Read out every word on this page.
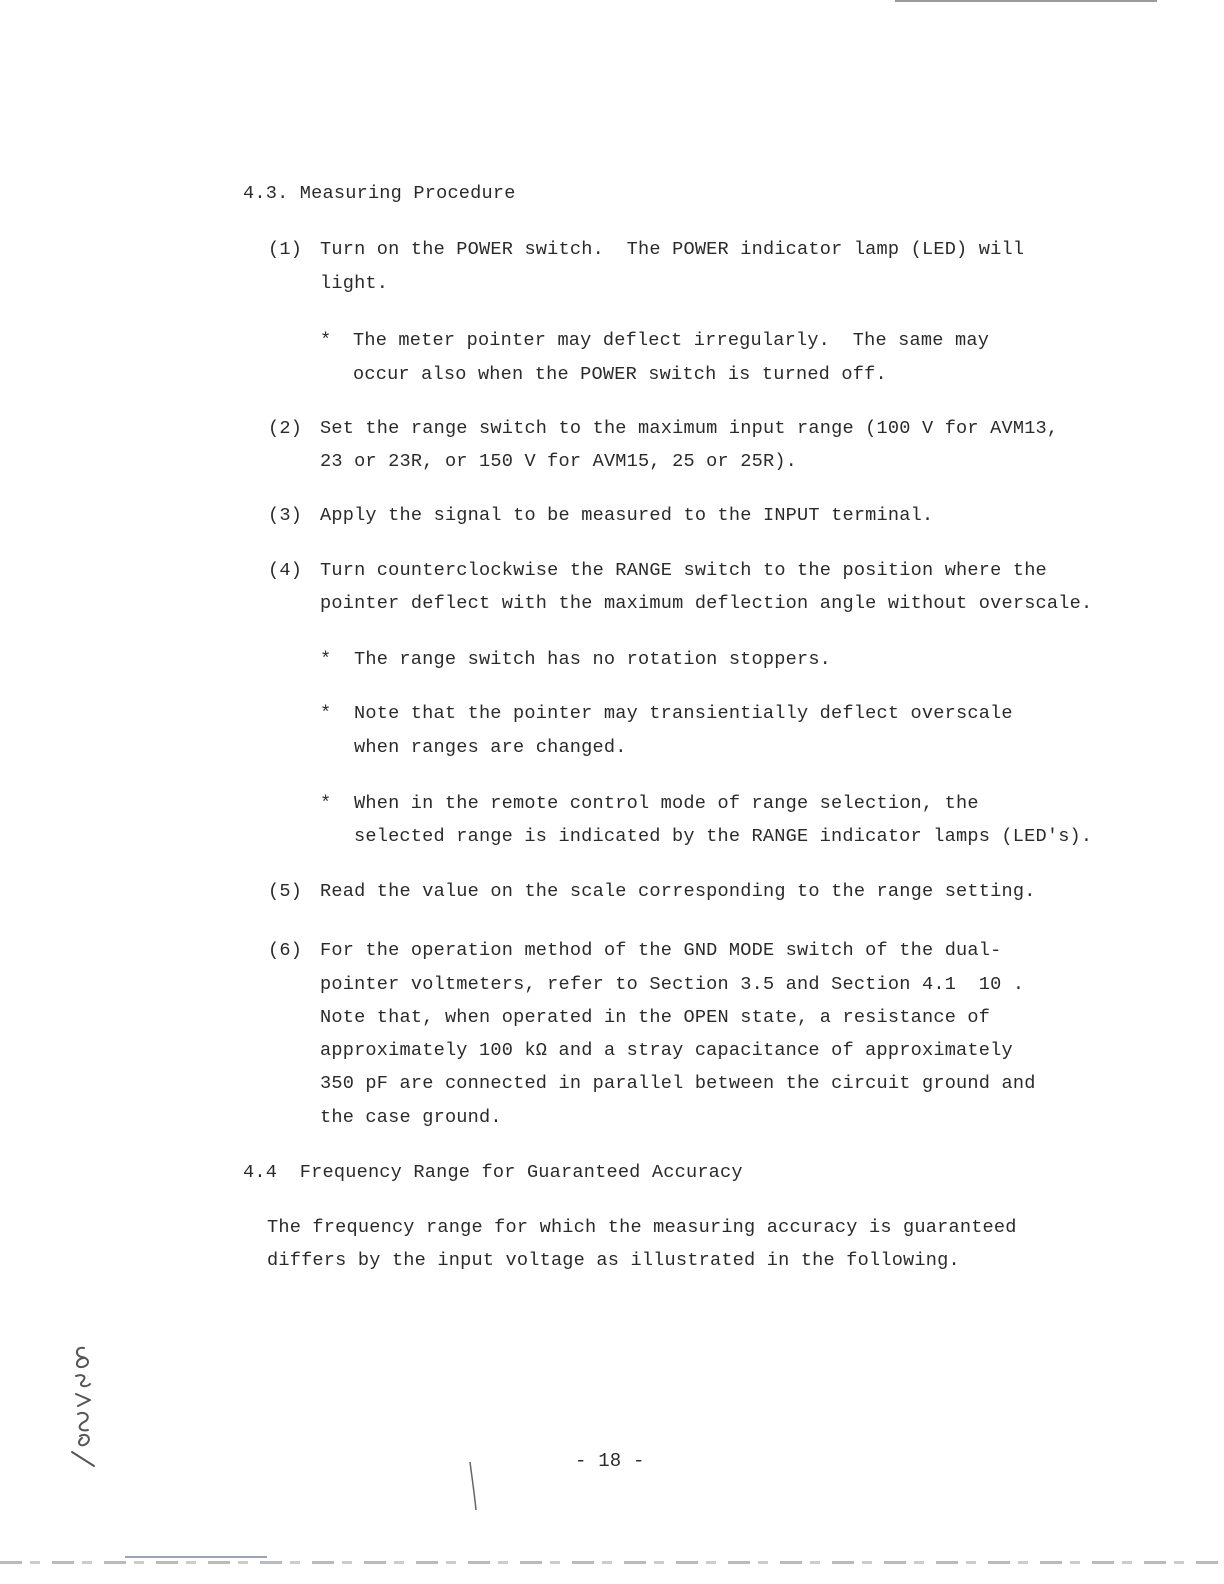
4.3. Measuring Procedure
(1) Turn on the POWER switch.  The POWER indicator lamp (LED) will
light.
* The meter pointer may deflect irregularly.  The same may
occur also when the POWER switch is turned off.
(2) Set the range switch to the maximum input range (100 V for AVM13,
23 or 23R, or 150 V for AVM15, 25 or 25R).
(3) Apply the signal to be measured to the INPUT terminal.
(4) Turn counterclockwise the RANGE switch to the position where the
pointer deflect with the maximum deflection angle without overscale.
* The range switch has no rotation stoppers.
* Note that the pointer may transientially deflect overscale
when ranges are changed.
* When in the remote control mode of range selection, the
selected range is indicated by the RANGE indicator lamps (LED's).
(5) Read the value on the scale corresponding to the range setting.
(6) For the operation method of the GND MODE switch of the dual-
pointer voltmeters, refer to Section 3.5 and Section 4.1  10 .
Note that, when operated in the OPEN state, a resistance of
approximately 100 kΩ and a stray capacitance of approximately
350 pF are connected in parallel between the circuit ground and
the case ground.
4.4  Frequency Range for Guaranteed Accuracy
The frequency range for which the measuring accuracy is guaranteed
differs by the input voltage as illustrated in the following.
- 18 -
